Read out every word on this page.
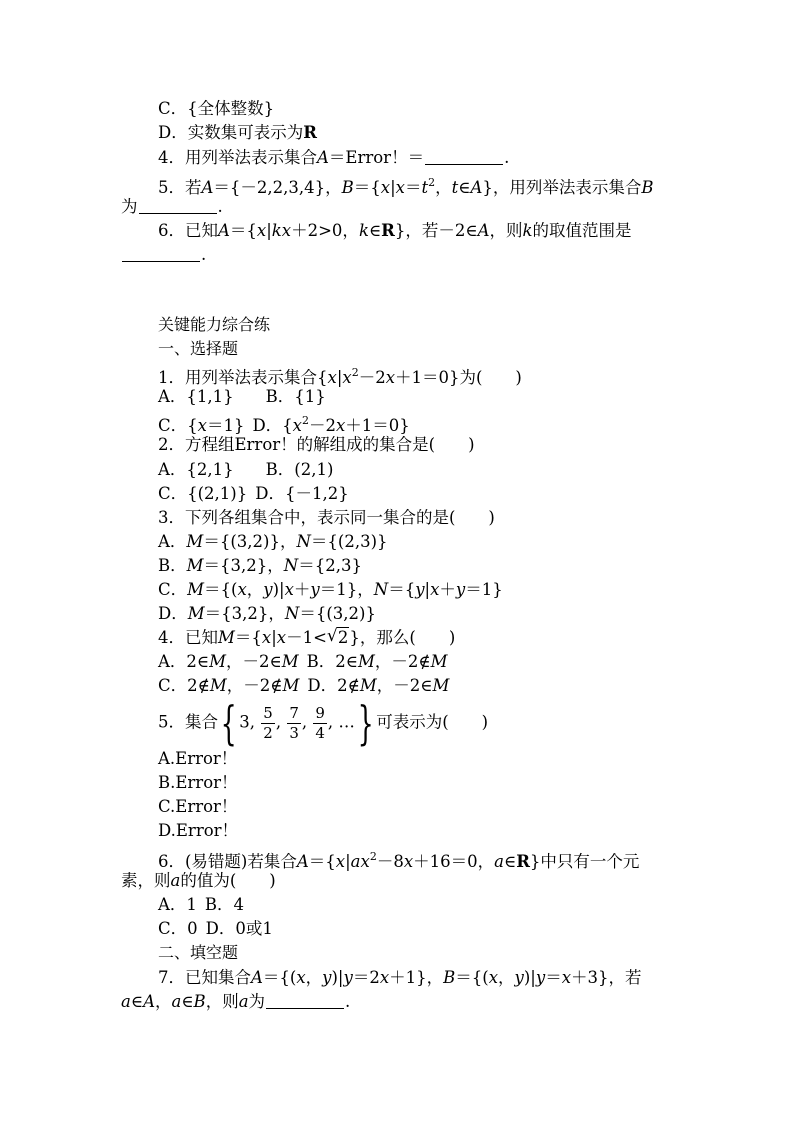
C．{全体整数}
D．实数集可表示为R
4．用列举法表示集合A＝Error！＝	.
5．若A＝{－2,2,3,4}，$B=\{x|x=t^2$，t∈A}，用列举法表示集合B
为	.
6．已知A＝{x|kx＋2>0，k∈R}，若－2∈A，则k的取值范围是
.
关键能力综合练
一、选择题
1．用列举法表示集合$\{x|x^2-2x+1=0\}$为(　　)
A．{1,1} B．{1}
C．{x＝1} D．$\{x^2-2x+1=0\}$
2．方程组Error！的解组成的集合是(　　)
A．{2,1} B．(2,1)
C．{(2,1)} D．{－1,2}
3．下列各组集合中，表示同一集合的是(　　)
A．M＝{(3,2)}，N＝{(2,3)}
B．M＝{3,2}，N＝{2,3}
C．M＝{(x，y)|x＋y＝1}，N＝{y|x＋y＝1}
D．M＝{3,2}，N＝{(3,2)}
4．已知M＝{x|x－1<√ 2}，那么(　　)
A．2∈M，－2∈M B．2∈M，－2∉M
C．2∉M，－2∉M D．2∉M，－2∈M
5．集合{ 3, $\frac{5}{2}$ , $\frac{7}{3}$ , $\frac{9}{4}$ , …} 可表示为(　　)
A.Error！
B.Error！
C.Error！
D.Error！
6．(易错题)若集合$A=\{x|ax^2-8x+16=0$，a∈R}中只有一个元
素，则a的值为(　　)
A．1 B．4
C．0 D．0或1
二、填空题
7．已知集合A＝{(x，y)|y＝2x＋1}，B＝{(x，y)|y＝x＋3}，若
a∈A，a∈B，则a为	.
